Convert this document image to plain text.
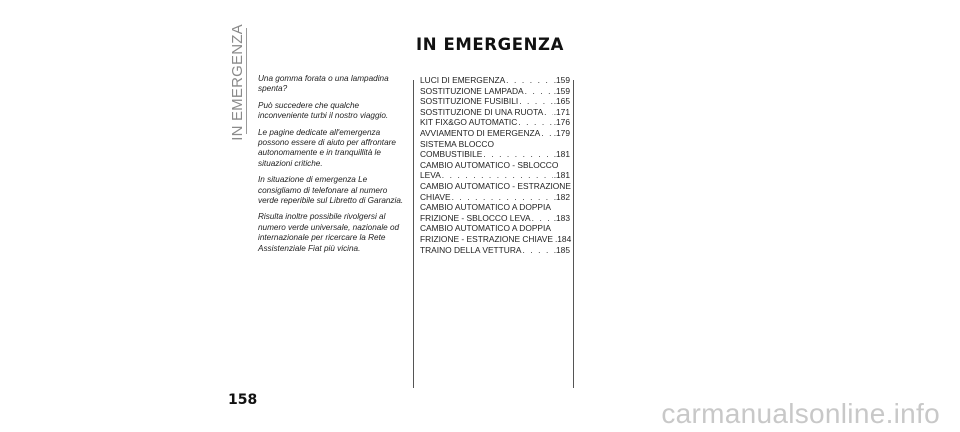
IN EMERGENZA	IN EMERGENZA

Una gomma forata o una lampadina spenta?

Può succedere che qualche inconveniente turbi il nostro viaggio.

Le pagine dedicate all'emergenza possono essere di aiuto per affrontare autonomamente e in tranquillità le situazioni critiche.

In situazione di emergenza Le consigliamo di telefonare al numero verde reperibile sul Libretto di Garanzia.

Risulta inoltre possibile rivolgersi al numero verde universale, nazionale od internazionale per ricercare la Rete Assistenziale Fiat più vicina.

LUCI DI EMERGENZA . . .	.159
SOSTITUZIONE LAMPADA . . .	.159
SOSTITUZIONE FUSIBILI . . .	.165
SOSTITUZIONE DI UNA RUOTA . . . .171
KIT FIX&GO AUTOMATIC . . .	.176
AVVIAMENTO DI EMERGENZA . . . .179
SISTEMA BLOCCO
COMBUSTIBILE . . .	.181
CAMBIO AUTOMATICO - SBLOCCO
LEVA . . .	.181
CAMBIO AUTOMATICO - ESTRAZIONE
CHIAVE . . .	.182
CAMBIO AUTOMATICO A DOPPIA
FRIZIONE - SBLOCCO LEVA . . .	.183
CAMBIO AUTOMATICO A DOPPIA
FRIZIONE - ESTRAZIONE CHIAVE .184
TRAINO DELLA VETTURA . . .	.185
158	carmanualsonline.info
